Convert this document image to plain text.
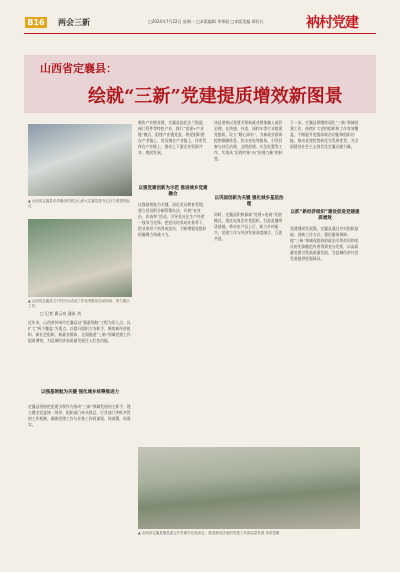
B16 两会三新	□2024年7月22日 星期一 □本版编辑 李琴丽 □本版美编 郑钧兵	衲村党建
山西省定襄县：
绘就“三新”党建提质增效新图景
▲ 山西省定襄县晋昌镇西村联合山西大定襄党建书记合力领建特起点
▲ 山西省定襄县文兴村出台活动工作优秀推荐活动现场，努力展示工作。
□ 记者 冀云亮 通讯 刘
近年来，山西省忻州市定襄县以“强基领航”工程为切入点，以扩大“两个覆盖”为重点，以提升组织力为抓手，聚焦新经济组织、新社会组织、新就业群体，全面推进“三新”领域党建工作提质增效，为县域经济高质量发展注入红色动能。
以强基领航为关键 强化城乡统筹推进力
定襄县坚持把党建引领作为推动“三新”领域发展的主抓手，建立健全党委统一领导、组织部门牵头抓总、行业部门齐抓共管的工作机制，确保党建工作与业务工作同谋划、同部署、同落实。
聚焦产业链党建，定襄县依托法兰锻造、阀门管件等特色产业，推行“党建+产业链”模式，组建产业链党委，将党组织建在产业链上、党员聚在产业链上、作用发挥在产业链上，推动上下游企业资源共享、抱团发展。
以强党建创新为示范 推进城乡党建融合
以强基领航为关键，深化党员教育管理，建立党员积分制管理办法，开展“亮身份、作表率”活动，引导党员在生产经营一线争当先锋，把党员培养成业务骨干，把业务骨干培养成党员，不断增强党组织的凝聚力和战斗力。
该县坚持以党建引领新就业群体融入基层治理，在快递、外卖、网约车等行业组建党组织，设立“暖心驿站”，为新就业群体提供歇脚休息、饮水充电等服务，引导其参与社区治理、文明创建、应急处置等工作，实现从“治理对象”向“治理力量”的转变。
以巩固创新为关键 强化城乡基层治理
同时，定襄县积极探索“党建+电商”发展模式，依托电商企业党组织，打造直播带货基地，带动农产品上行，助力乡村振兴，党建工作与经济发展深度融合、互促共进。
下一步，定襄县将继续深化“三新”领域党建工作，持续扩大党的组织和工作有效覆盖，不断提升党组织政治功能和组织功能，推动党建优势转化为发展优势，为全面建设社会主义现代化定襄贡献力量。
以抓“新经济组织”建设促进党建提质增效
党建强则发展强。定襄县通过夯实组织基础、创新工作方式、强化服务保障，使“三新”领域党组织的政治引领作用和党员的先锋模范作用得到充分发挥，以高质量党建引领高质量发展，为县域经济社会发展提供坚强保证。
▲ 山西省定襄县镇党委召开乡镇书记座谈会，推进新经济组织党建工作高质量发展 李希恩摄
